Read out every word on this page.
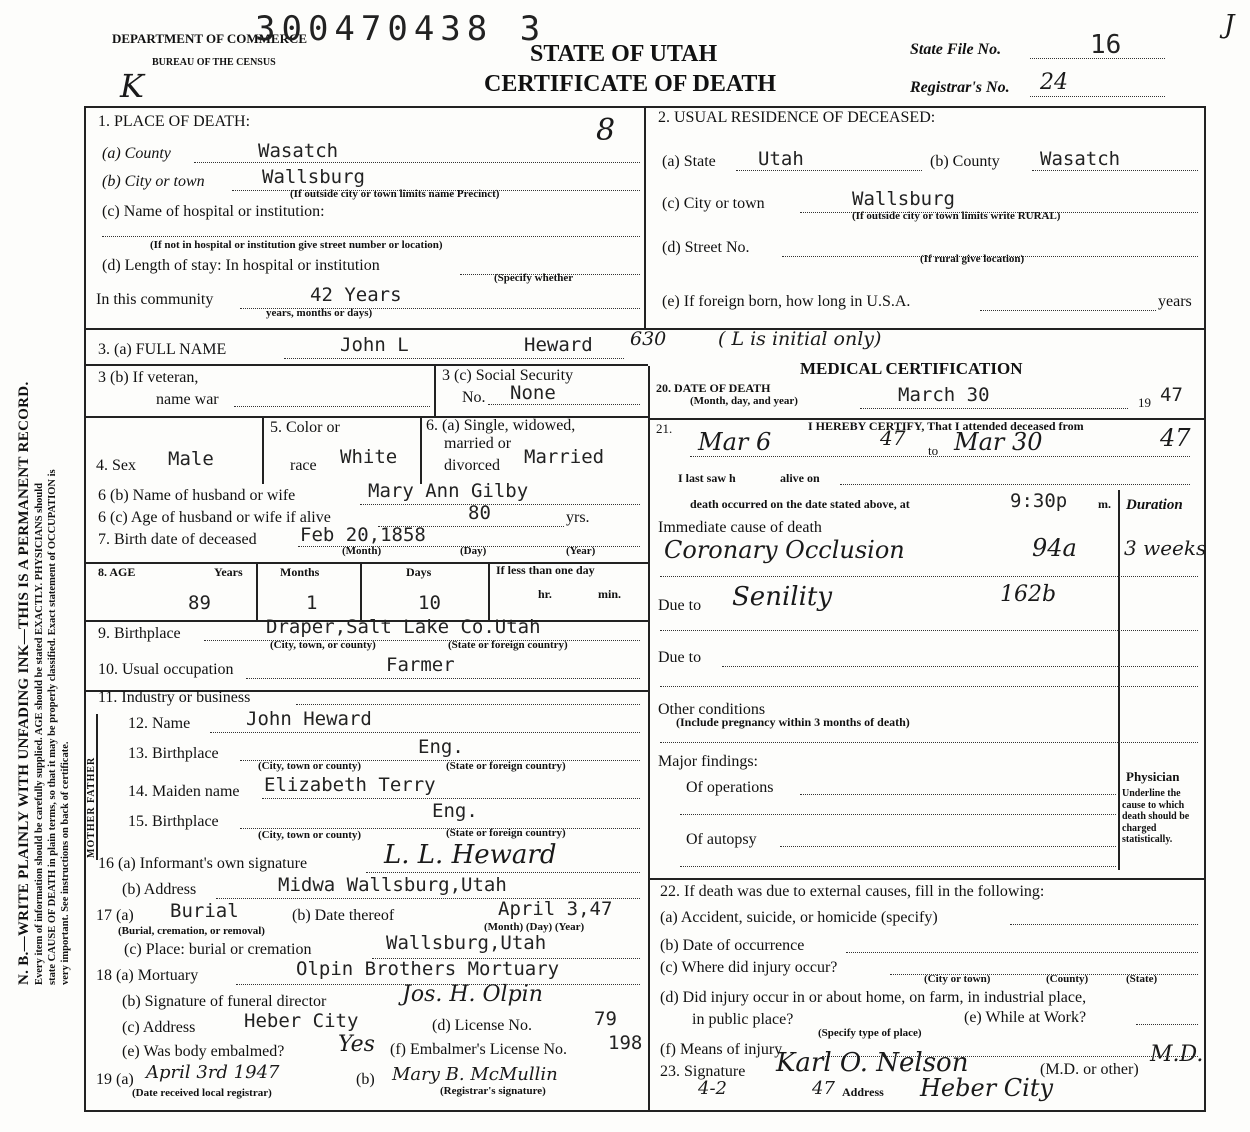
N. B.—WRITE PLAINLY WITH UNFADING INK—THIS IS A PERMANENT RECORD. Every item of information should be carefully supplied. AGE should be stated EXACTLY. PHYSICIANS should state CAUSE OF DEATH in plain terms, so that it may be properly classified. Exact statement of OCCUPATION is very important. See instructions on back of certificate. MOTHER FATHER
DEPARTMENT OF COMMERCE
BUREAU OF THE CENSUS
300470438 3
STATE OF UTAH
CERTIFICATE OF DEATH
State File No.	16
Registrar's No. 24
J
K
1. PLACE OF DEATH:	8
(a) County	Wasatch
(b) City or town	Wallsburg
(If outside city or town limits name Precinct)
(c) Name of hospital or institution:
(If not in hospital or institution give street number or location)
(d) Length of stay: In hospital or institution
(Specify whether
In this community	42 Years
years, months or days)
2. USUAL RESIDENCE OF DECEASED:
(a) State Utah	(b) County Wasatch
(c) City or town	Wallsburg
(If outside city or town limits write RURAL)
(d) Street No.
(If rural give location)
(e) If foreign born, how long in U.S.A.	years
3. (a) FULL NAME	John L	Heward 630	( L is initial only)
3 (b) If veteran,
name war
3 (c) Social Security
No. None
4. Sex Male
5. Color or
race White
6. (a) Single, widowed,
married or
divorced Married
6 (b) Name of husband or wife	Mary Ann Gilby
6 (c) Age of husband or wife if alive	80	yrs.
7. Birth date of deceased Feb 20,1858
(Month)	(Day)	(Year)
8. AGE	Years	Months	Days	If less than one day
89	1	10	hr.	min.
9. Birthplace	Draper,Salt Lake Co.Utah
(City, town, or county)	(State or foreign country)
10. Usual occupation	Farmer
11. Industry or business
12. Name	John Heward
13. Birthplace	Eng.
(City, town or county)	(State or foreign country)
14. Maiden name Elizabeth Terry
15. Birthplace	Eng.
(City, town or county)	(State or foreign country)
16 (a) Informant's own signature	L. L. Heward
(b) Address	Midwa Wallsburg,Utah
17 (a) Burial	(b) Date thereof	April 3,47
(Burial, cremation, or removal)	(Month) (Day) (Year)
(c) Place: burial or cremation	Wallsburg,Utah
18 (a) Mortuary	Olpin Brothers Mortuary
(b) Signature of funeral director	Jos. H. Olpin
(c) Address	Heber City	(d) License No.	79
(e) Was body embalmed? Yes (f) Embalmer's License No. 198
19 (a) April 3rd 1947	(b) Mary B. McMullin
(Date received local registrar)	(Registrar's signature)
MEDICAL CERTIFICATION
20. DATE OF DEATH
(Month, day, and year)	March 30	19 47
21.	I HEREBY CERTIFY, That I attended deceased from
Mar 6	47
to Mar 30	47
I last saw h	alive on
death occurred on the date stated above, at	9:30p	m. Duration
Immediate cause of death
Coronary Occlusion	94a 3 weeks
Due to Senility	162b
Due to
Other conditions
(Include pregnancy within 3 months of death)
Major findings:
Of operations
Of autopsy
Physician
Underline the cause to which death should be charged statistically.
22. If death was due to external causes, fill in the following:
(a) Accident, suicide, or homicide (specify)
(b) Date of occurrence
(c) Where did injury occur?
(City or town)	(County)	(State)
(d) Did injury occur in or about home, on farm, in industrial place,
in public place?
(Specify type of place)
(e) While at Work?
(f) Means of injury
23. Signature Karl O. Nelson	(M.D. or other)
M.D.
4-2	47 Address Heber City
